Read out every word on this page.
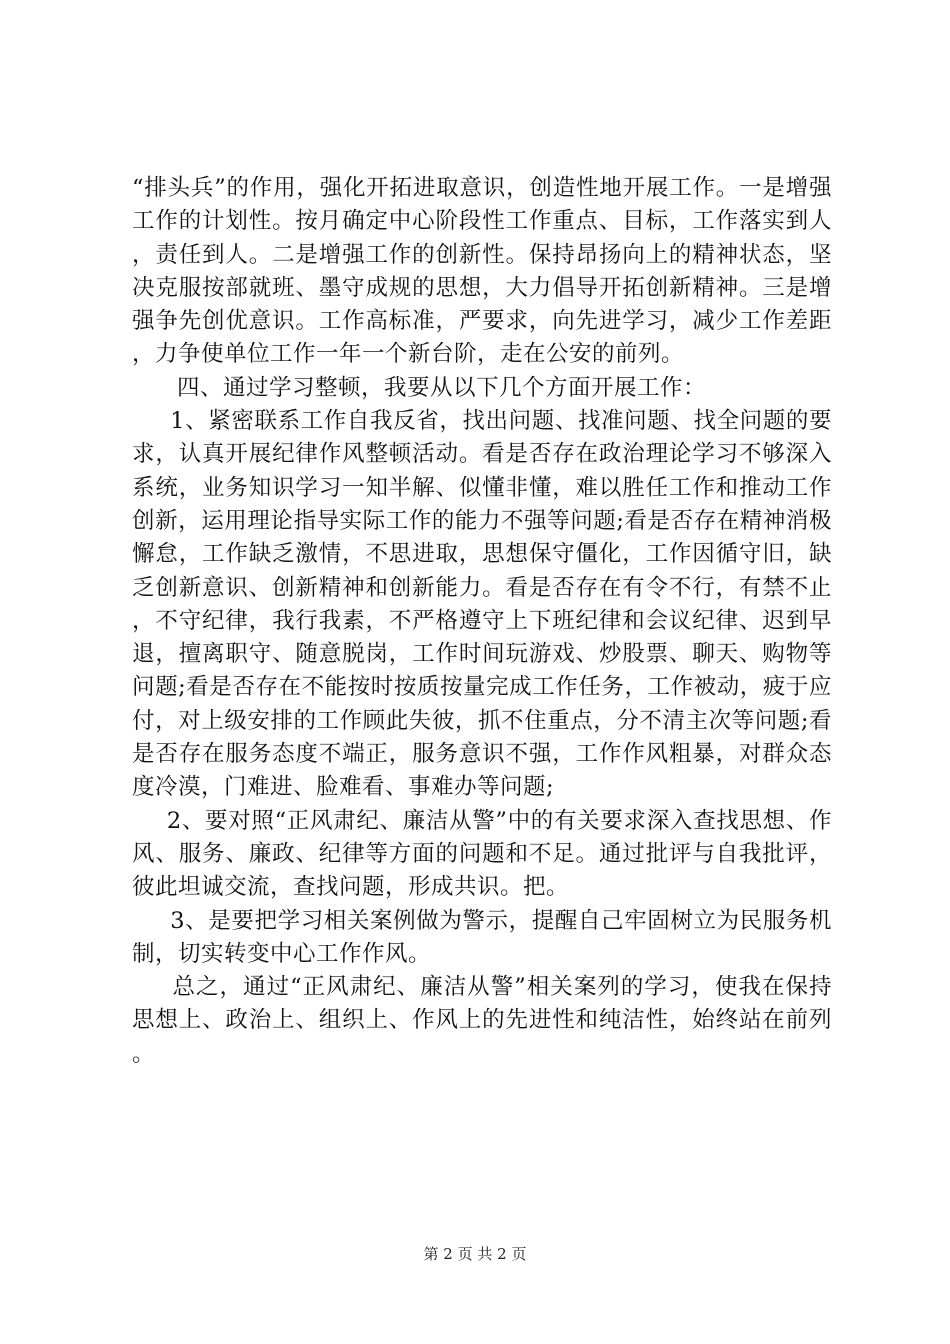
“排头兵”的作用，强化开拓进取意识，创造性地开展工作。一是增强工作的计划性。按月确定中心阶段性工作重点、目标，工作落实到人，责任到人。二是增强工作的创新性。保持昂扬向上的精神状态，坚决克服按部就班、墨守成规的思想，大力倡导开拓创新精神。三是增强争先创优意识。工作高标准，严要求，向先进学习，减少工作差距，力争使单位工作一年一个新台阶，走在公安的前列。

四、通过学习整顿，我要从以下几个方面开展工作：

1、紧密联系工作自我反省，找出问题、找准问题、找全问题的要求，认真开展纪律作风整顿活动。看是否存在政治理论学习不够深入系统，业务知识学习一知半解、似懂非懂，难以胜任工作和推动工作创新，运用理论指导实际工作的能力不强等问题;看是否存在精神消极懈怠，工作缺乏激情，不思进取，思想保守僵化，工作因循守旧，缺乏创新意识、创新精神和创新能力。看是否存在有令不行，有禁不止，不守纪律，我行我素，不严格遵守上下班纪律和会议纪律、迟到早退，擅离职守、随意脱岗，工作时间玩游戏、炒股票、聊天、购物等问题;看是否存在不能按时按质按量完成工作任务，工作被动，疲于应付，对上级安排的工作顾此失彼，抓不住重点，分不清主次等问题;看是否存在服务态度不端正，服务意识不强，工作作风粗暴，对群众态度冷漠，门难进、脸难看、事难办等问题;

2、要对照“正风肃纪、廉洁从警”中的有关要求深入查找思想、作风、服务、廉政、纪律等方面的问题和不足。通过批评与自我批评，彼此坦诚交流，查找问题，形成共识。把。

3、是要把学习相关案例做为警示，提醒自己牢固树立为民服务机制，切实转变中心工作作风。

总之，通过“正风肃纪、廉洁从警”相关案列的学习，使我在保持思想上、政治上、组织上、作风上的先进性和纯洁性，始终站在前列。

第 2 页 共 2 页
